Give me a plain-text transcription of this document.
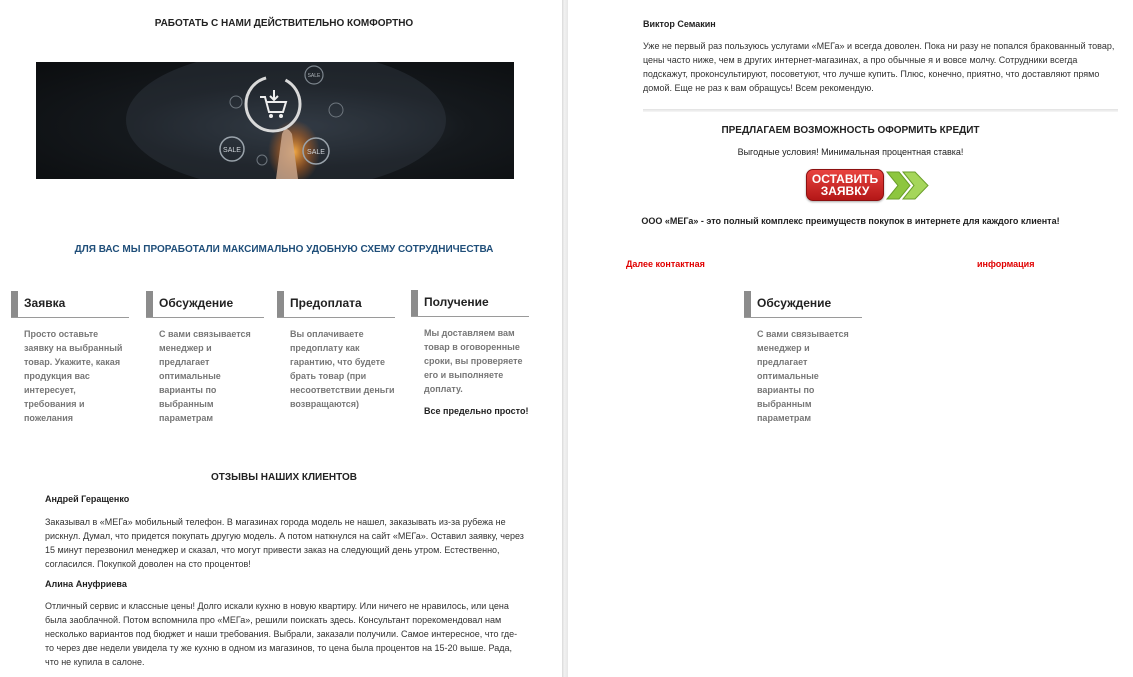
РАБОТАТЬ С НАМИ ДЕЙСТВИТЕЛЬНО КОМФОРТНО
SALE	SALE
SALE
ДЛЯ ВАС МЫ ПРОРАБОТАЛИ МАКСИМАЛЬНО УДОБНУЮ СХЕМУ СОТРУДНИЧЕСТВА
Заявка
Просто оставьте заявку на выбранный товар. Укажите, какая продукция вас интересует, требования и пожелания
Обсуждение
С вами связывается менеджер и предлагает оптимальные варианты по выбранным параметрам
Предоплата
Вы оплачиваете предоплату как гарантию, что будете брать товар (при несоответствии деньги возвращаются)
Получение
Мы доставляем вам товар в оговоренные сроки, вы проверяете его и выполняете доплату.
Все предельно просто!
ОТЗЫВЫ НАШИХ КЛИЕНТОВ
Андрей Геращенко
Заказывал в «МЕГа» мобильный телефон. В магазинах города модель не нашел, заказывать из-за рубежа не рискнул. Думал, что придется покупать другую модель. А потом наткнулся на сайт «МЕГа». Оставил заявку, через 15 минут перезвонил менеджер и сказал, что могут привести заказ на следующий день утром. Естественно, согласился. Покупкой доволен на сто процентов!
Алина Ануфриева
Отличный сервис и классные цены! Долго искали кухню в новую квартиру. Или ничего не нравилось, или цена была заоблачной. Потом вспомнила про «МЕГа», решили поискать здесь. Консультант порекомендовал нам несколько вариантов под бюджет и наши требования. Выбрали, заказали получили. Самое интересное, что где-то через две недели увидела ту же кухню в одном из магазинов, то цена была процентов на 15-20 выше. Рада, что не купила в салоне.
Виктор Семакин
Уже не первый раз пользуюсь услугами «МЕГа» и всегда доволен. Пока ни разу не попался бракованный товар, цены часто ниже, чем в других интернет-магазинах, а про обычные я и вовсе молчу. Сотрудники всегда подскажут, проконсультируют, посоветуют, что лучше купить. Плюс, конечно, приятно, что доставляют прямо домой. Еще не раз к вам обращусь! Всем рекомендую.
ПРЕДЛАГАЕМ ВОЗМОЖНОСТЬ ОФОРМИТЬ КРЕДИТ
Выгодные условия! Минимальная процентная ставка!
ОСТАВИТЬ
ЗАЯВКУ
ООО «МЕГа» - это полный комплекс преимуществ покупок в интернете для каждого клиента!
Далее контактная	информация
Обсуждение
С вами связывается менеджер и предлагает оптимальные варианты по выбранным параметрам
